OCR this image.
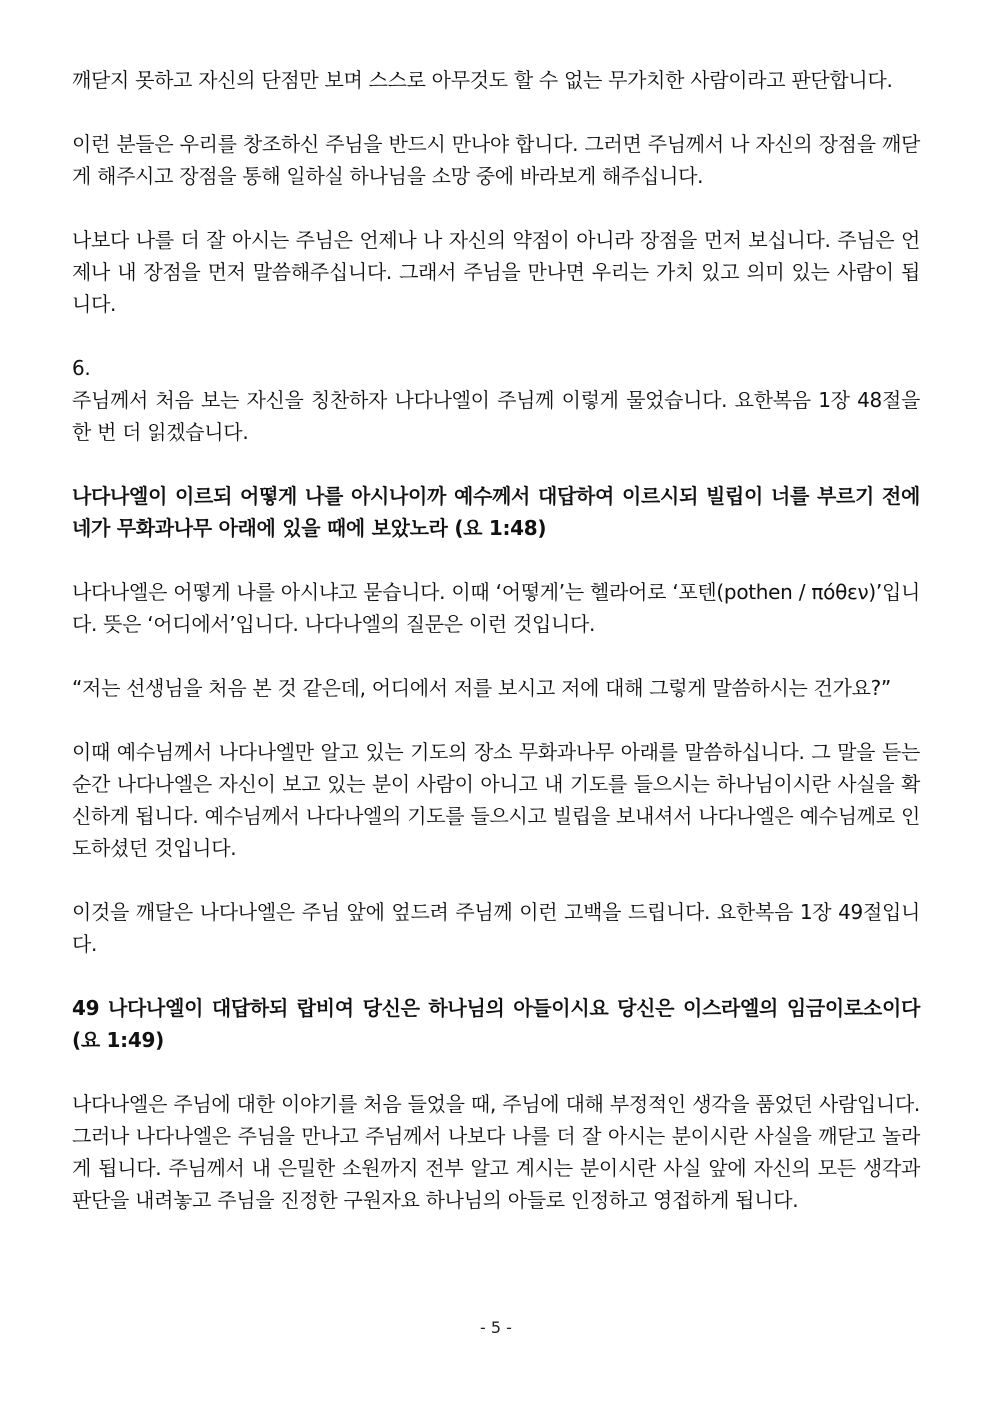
깨닫지 못하고 자신의 단점만 보며 스스로 아무것도 할 수 없는 무가치한 사람이라고 판단합니다.

이런 분들은 우리를 창조하신 주님을 반드시 만나야 합니다. 그러면 주님께서 나 자신의 장점을 깨닫게 해주시고 장점을 통해 일하실 하나님을 소망 중에 바라보게 해주십니다.

나보다 나를 더 잘 아시는 주님은 언제나 나 자신의 약점이 아니라 장점을 먼저 보십니다. 주님은 언제나 내 장점을 먼저 말씀해주십니다. 그래서 주님을 만나면 우리는 가치 있고 의미 있는 사람이 됩니다.

6.

주님께서 처음 보는 자신을 칭찬하자 나다나엘이 주님께 이렇게 물었습니다. 요한복음 1장 48절을 한 번 더 읽겠습니다.

나다나엘이 이르되 어떻게 나를 아시나이까 예수께서 대답하여 이르시되 빌립이 너를 부르기 전에 네가 무화과나무 아래에 있을 때에 보았노라 (요 1:48)

나다나엘은 어떻게 나를 아시냐고 묻습니다. 이때 ‘어떻게’는 헬라어로 ‘포텐(pothen / πόθεν)’입니다. 뜻은 ‘어디에서’입니다. 나다나엘의 질문은 이런 것입니다.

“저는 선생님을 처음 본 것 같은데, 어디에서 저를 보시고 저에 대해 그렇게 말씀하시는 건가요?”

이때 예수님께서 나다나엘만 알고 있는 기도의 장소 무화과나무 아래를 말씀하십니다. 그 말을 듣는 순간 나다나엘은 자신이 보고 있는 분이 사람이 아니고 내 기도를 들으시는 하나님이시란 사실을 확신하게 됩니다. 예수님께서 나다나엘의 기도를 들으시고 빌립을 보내셔서 나다나엘은 예수님께로 인도하셨던 것입니다.

이것을 깨달은 나다나엘은 주님 앞에 엎드려 주님께 이런 고백을 드립니다. 요한복음 1장 49절입니다.

49 나다나엘이 대답하되 랍비여 당신은 하나님의 아들이시요 당신은 이스라엘의 임금이로소이다 (요 1:49)

나다나엘은 주님에 대한 이야기를 처음 들었을 때, 주님에 대해 부정적인 생각을 품었던 사람입니다. 그러나 나다나엘은 주님을 만나고 주님께서 나보다 나를 더 잘 아시는 분이시란 사실을 깨닫고 놀라게 됩니다. 주님께서 내 은밀한 소원까지 전부 알고 계시는 분이시란 사실 앞에 자신의 모든 생각과 판단을 내려놓고 주님을 진정한 구원자요 하나님의 아들로 인정하고 영접하게 됩니다.

- 5 -
